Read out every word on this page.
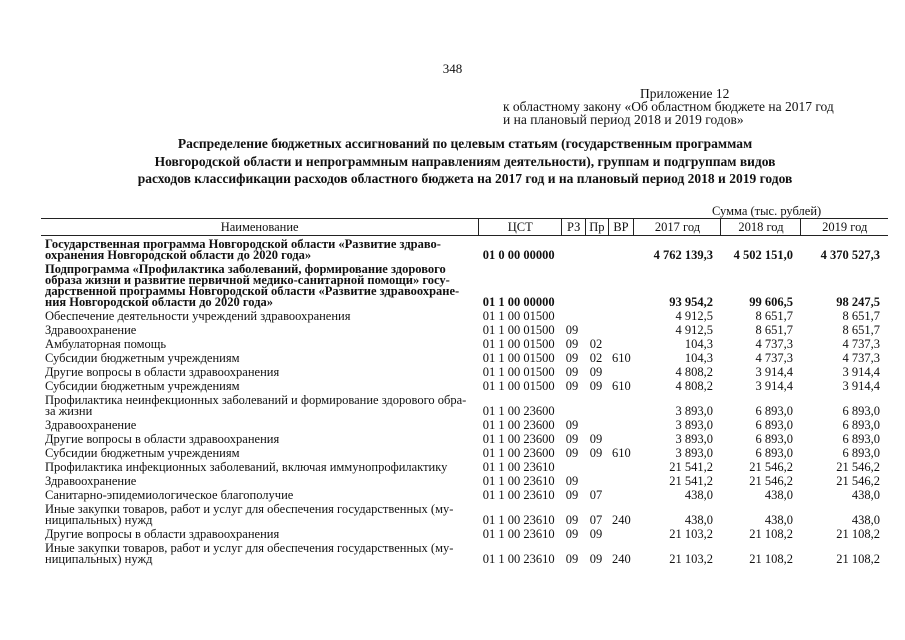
348
Приложение 12
к областному закону «Об областном бюджете на 2017 год
и на плановый период 2018 и 2019 годов»
Распределение бюджетных ассигнований по целевым статьям (государственным программам
Новгородской области и непрограммным направлениям деятельности), группам и подгруппам видов
расходов классификации расходов областного бюджета на 2017 год и на плановый период 2018 и 2019 годов
Сумма (тыс. рублей)
Наименование	ЦСТ	РЗ	Пр	ВР	2017 год	2018 год	2019 год
Государственная программа Новгородской области «Развитие здраво-охранения Новгородской области до 2020 года»	01 0 00 00000				4 762 139,3	4 502 151,0	4 370 527,3
Подпрограмма «Профилактика заболеваний, формирование здорового образа жизни и развитие первичной медико-санитарной помощи» госу-дарственной программы Новгородской области «Развитие здравоохране-ния Новгородской области до 2020 года»	01 1 00 00000				93 954,2	99 606,5	98 247,5
Обеспечение деятельности учреждений здравоохранения	01 1 00 01500				4 912,5	8 651,7	8 651,7
Здравоохранение	01 1 00 01500	09			4 912,5	8 651,7	8 651,7
Амбулаторная помощь	01 1 00 01500	09	02		104,3	4 737,3	4 737,3
Субсидии бюджетным учреждениям	01 1 00 01500	09	02	610	104,3	4 737,3	4 737,3
Другие вопросы в области здравоохранения	01 1 00 01500	09	09		4 808,2	3 914,4	3 914,4
Субсидии бюджетным учреждениям	01 1 00 01500	09	09	610	4 808,2	3 914,4	3 914,4
Профилактика неинфекционных заболеваний и формирование здорового обра-за жизни	01 1 00 23600				3 893,0	6 893,0	6 893,0
Здравоохранение	01 1 00 23600	09			3 893,0	6 893,0	6 893,0
Другие вопросы в области здравоохранения	01 1 00 23600	09	09		3 893,0	6 893,0	6 893,0
Субсидии бюджетным учреждениям	01 1 00 23600	09	09	610	3 893,0	6 893,0	6 893,0
Профилактика инфекционных заболеваний, включая иммунопрофилактику	01 1 00 23610				21 541,2	21 546,2	21 546,2
Здравоохранение	01 1 00 23610	09			21 541,2	21 546,2	21 546,2
Санитарно-эпидемиологическое благополучие	01 1 00 23610	09	07		438,0	438,0	438,0
Иные закупки товаров, работ и услуг для обеспечения государственных (му-ниципальных) нужд	01 1 00 23610	09	07	240	438,0	438,0	438,0
Другие вопросы в области здравоохранения	01 1 00 23610	09	09		21 103,2	21 108,2	21 108,2
Иные закупки товаров, работ и услуг для обеспечения государственных (му-ниципальных) нужд	01 1 00 23610	09	09	240	21 103,2	21 108,2	21 108,2
